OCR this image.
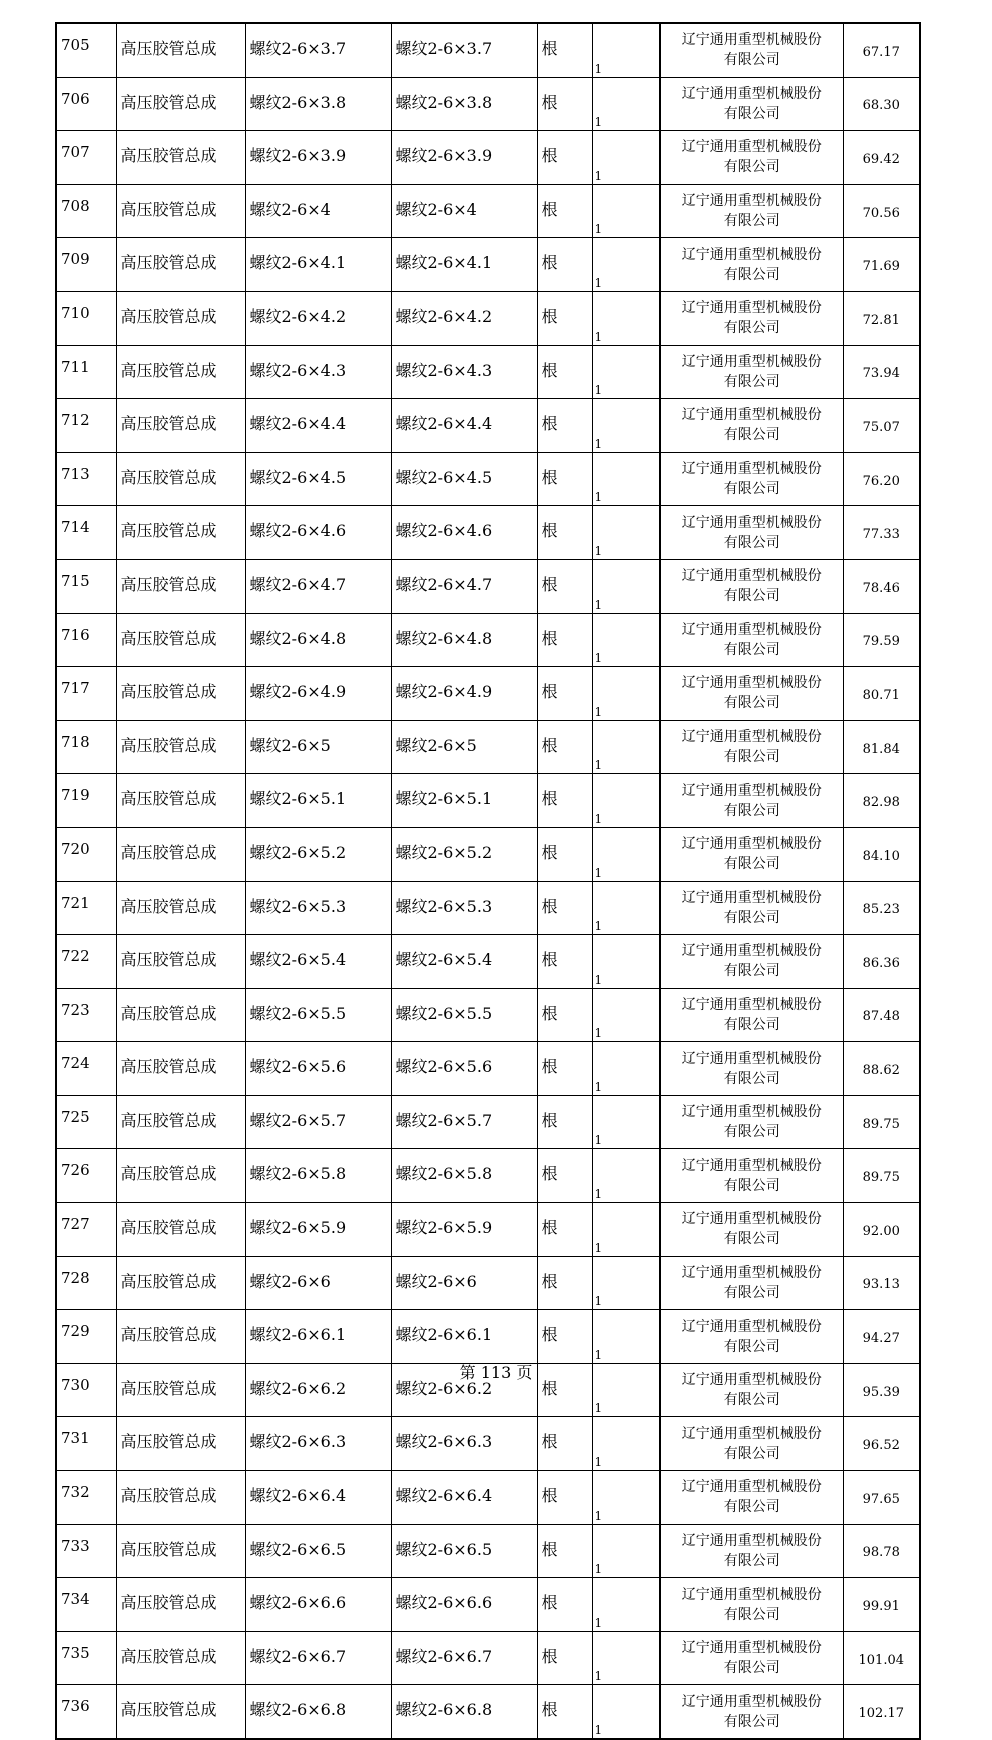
705	高压胶管总成	螺纹2-6×3.7	螺纹2-6×3.7	根	1	辽宁通用重型机械股份
有限公司	67.17
706	高压胶管总成	螺纹2-6×3.8	螺纹2-6×3.8	根	1	辽宁通用重型机械股份
有限公司	68.30
707	高压胶管总成	螺纹2-6×3.9	螺纹2-6×3.9	根	1	辽宁通用重型机械股份
有限公司	69.42
708	高压胶管总成	螺纹2-6×4	螺纹2-6×4	根	1	辽宁通用重型机械股份
有限公司	70.56
709	高压胶管总成	螺纹2-6×4.1	螺纹2-6×4.1	根	1	辽宁通用重型机械股份
有限公司	71.69
710	高压胶管总成	螺纹2-6×4.2	螺纹2-6×4.2	根	1	辽宁通用重型机械股份
有限公司	72.81
711	高压胶管总成	螺纹2-6×4.3	螺纹2-6×4.3	根	1	辽宁通用重型机械股份
有限公司	73.94
712	高压胶管总成	螺纹2-6×4.4	螺纹2-6×4.4	根	1	辽宁通用重型机械股份
有限公司	75.07
713	高压胶管总成	螺纹2-6×4.5	螺纹2-6×4.5	根	1	辽宁通用重型机械股份
有限公司	76.20
714	高压胶管总成	螺纹2-6×4.6	螺纹2-6×4.6	根	1	辽宁通用重型机械股份
有限公司	77.33
715	高压胶管总成	螺纹2-6×4.7	螺纹2-6×4.7	根	1	辽宁通用重型机械股份
有限公司	78.46
716	高压胶管总成	螺纹2-6×4.8	螺纹2-6×4.8	根	1	辽宁通用重型机械股份
有限公司	79.59
717	高压胶管总成	螺纹2-6×4.9	螺纹2-6×4.9	根	1	辽宁通用重型机械股份
有限公司	80.71
718	高压胶管总成	螺纹2-6×5	螺纹2-6×5	根	1	辽宁通用重型机械股份
有限公司	81.84
719	高压胶管总成	螺纹2-6×5.1	螺纹2-6×5.1	根	1	辽宁通用重型机械股份
有限公司	82.98
720	高压胶管总成	螺纹2-6×5.2	螺纹2-6×5.2	根	1	辽宁通用重型机械股份
有限公司	84.10
721	高压胶管总成	螺纹2-6×5.3	螺纹2-6×5.3	根	1	辽宁通用重型机械股份
有限公司	85.23
722	高压胶管总成	螺纹2-6×5.4	螺纹2-6×5.4	根	1	辽宁通用重型机械股份
有限公司	86.36
723	高压胶管总成	螺纹2-6×5.5	螺纹2-6×5.5	根	1	辽宁通用重型机械股份
有限公司	87.48
724	高压胶管总成	螺纹2-6×5.6	螺纹2-6×5.6	根	1	辽宁通用重型机械股份
有限公司	88.62
725	高压胶管总成	螺纹2-6×5.7	螺纹2-6×5.7	根	1	辽宁通用重型机械股份
有限公司	89.75
726	高压胶管总成	螺纹2-6×5.8	螺纹2-6×5.8	根	1	辽宁通用重型机械股份
有限公司	89.75
727	高压胶管总成	螺纹2-6×5.9	螺纹2-6×5.9	根	1	辽宁通用重型机械股份
有限公司	92.00
728	高压胶管总成	螺纹2-6×6	螺纹2-6×6	根	1	辽宁通用重型机械股份
有限公司	93.13
729	高压胶管总成	螺纹2-6×6.1	螺纹2-6×6.1	根	1	辽宁通用重型机械股份
有限公司	94.27
730	高压胶管总成	螺纹2-6×6.2	螺纹2-6×6.2	根	1	辽宁通用重型机械股份
有限公司	95.39
731	高压胶管总成	螺纹2-6×6.3	螺纹2-6×6.3	根	1	辽宁通用重型机械股份
有限公司	96.52
732	高压胶管总成	螺纹2-6×6.4	螺纹2-6×6.4	根	1	辽宁通用重型机械股份
有限公司	97.65
733	高压胶管总成	螺纹2-6×6.5	螺纹2-6×6.5	根	1	辽宁通用重型机械股份
有限公司	98.78
734	高压胶管总成	螺纹2-6×6.6	螺纹2-6×6.6	根	1	辽宁通用重型机械股份
有限公司	99.91
735	高压胶管总成	螺纹2-6×6.7	螺纹2-6×6.7	根	1	辽宁通用重型机械股份
有限公司	101.04
736	高压胶管总成	螺纹2-6×6.8	螺纹2-6×6.8	根	1	辽宁通用重型机械股份
有限公司	102.17
第 113 页
